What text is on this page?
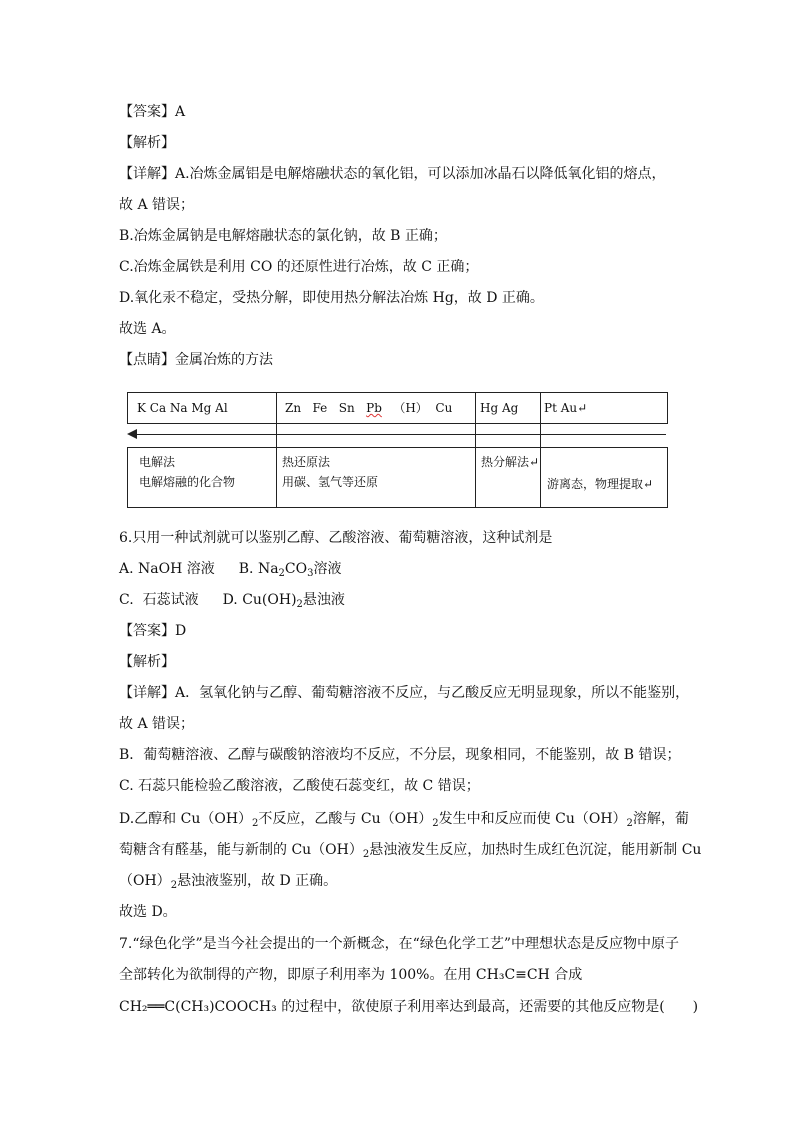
【答案】A
【解析】
【详解】A.冶炼金属铝是电解熔融状态的氧化铝，可以添加冰晶石以降低氧化铝的熔点，
故 A 错误；
B.冶炼金属钠是电解熔融状态的氯化钠，故 B 正确；
C.冶炼金属铁是利用 CO 的还原性进行冶炼，故 C 正确；
D.氧化汞不稳定，受热分解，即使用热分解法冶炼 Hg，故 D 正确。
故选 A。
【点睛】金属冶炼的方法
K Ca Na Mg Al	Zn   Fe   Sn   Pb   （H）  Cu Hg Ag Pt Au↵
电解法
电解熔融的化合物
热还原法
用碳、氢气等还原
热分解法↵
游离态，物理提取↵
6.只用一种试剂就可以鉴别乙醇、乙酸溶液、葡萄糖溶液，这种试剂是
A. NaOH 溶液 B. $Na_2CO_3$溶液
C.  石蕊试液 D. $Cu(OH)_2$悬浊液
【答案】D
【解析】
【详解】A．氢氧化钠与乙醇、葡萄糖溶液不反应，与乙酸反应无明显现象，所以不能鉴别，
故 A 错误；
B．葡萄糖溶液、乙醇与碳酸钠溶液均不反应，不分层，现象相同，不能鉴别，故 B 错误；
C. 石蕊只能检验乙酸溶液，乙酸使石蕊变红，故 C 错误；
D.乙醇和 $Cu(OH)_2$不反应，乙酸与 $Cu(OH)_2$发生中和反应而使 $Cu(OH)_2$溶解，葡
萄糖含有醛基，能与新制的 $Cu(OH)_2$悬浊液发生反应，加热时生成红色沉淀，能用新制 Cu
$(OH)_2$悬浊液鉴别，故 D 正确。
故选 D。
7.“绿色化学”是当今社会提出的一个新概念，在“绿色化学工艺”中理想状态是反应物中原子
全部转化为欲制得的产物，即原子利用率为 100%。在用 CH₃C≡CH 合成
CH₂══C(CH₃)COOCH₃ 的过程中，欲使原子利用率达到最高，还需要的其他反应物是(　　)
